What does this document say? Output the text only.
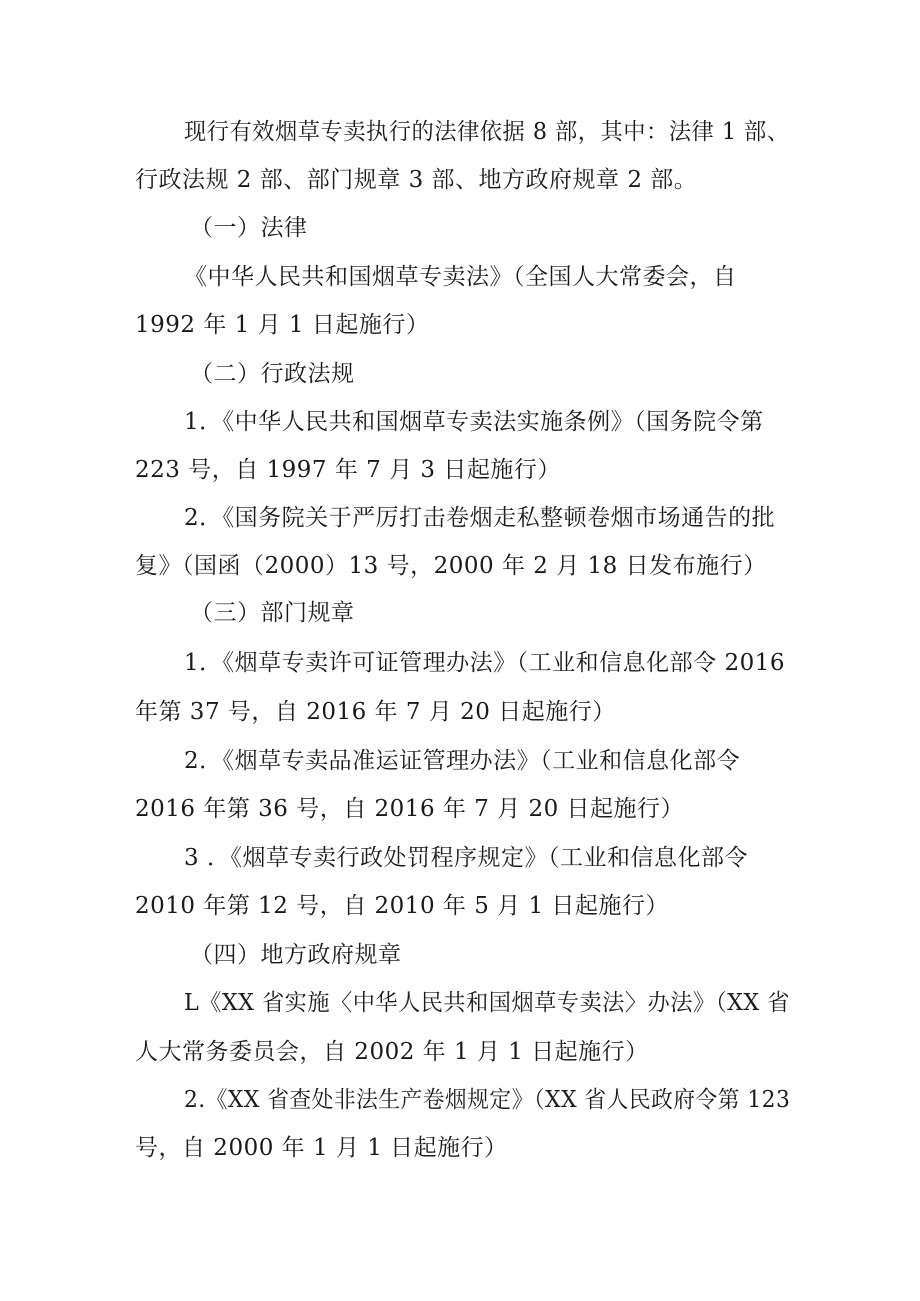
现行有效烟草专卖执行的法律依据 8 部，其中：法律 1 部、
行政法规 2 部、部门规章 3 部、地方政府规章 2 部。
（一）法律
《中华人民共和国烟草专卖法》（全国人大常委会，自
1992 年 1 月 1 日起施行）
（二）行政法规
1．《中华人民共和国烟草专卖法实施条例》（国务院令第
223 号，自 1997 年 7 月 3 日起施行）
2．《国务院关于严厉打击卷烟走私整顿卷烟市场通告的批
复》（国函（2000）13 号，2000 年 2 月 18 日发布施行）
（三）部门规章
1．《烟草专卖许可证管理办法》（工业和信息化部令 2016
年第 37 号，自 2016 年 7 月 20 日起施行）
2．《烟草专卖品准运证管理办法》（工业和信息化部令
2016 年第 36 号，自 2016 年 7 月 20 日起施行）
3 ．《烟草专卖行政处罚程序规定》（工业和信息化部令
2010 年第 12 号，自 2010 年 5 月 1 日起施行）
（四）地方政府规章
L《XX 省实施〈中华人民共和国烟草专卖法〉办法》（XX 省
人大常务委员会，自 2002 年 1 月 1 日起施行）
2.《XX 省查处非法生产卷烟规定》（XX 省人民政府令第 123
号，自 2000 年 1 月 1 日起施行）
